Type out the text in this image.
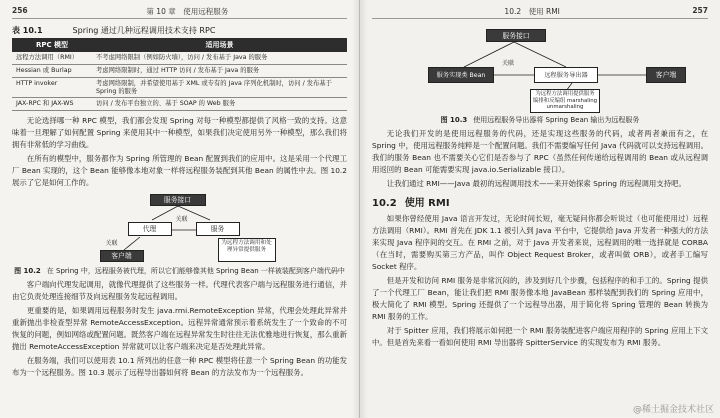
256	第 10 章　使用远程服务
表 10.1	Spring 通过几种远程调用技术支持 RPC
RPC 模型	适用场景
远程方法调用（RMI）	不考虑网络限制（例如防火墙），访问 / 发布基于 Java 的服务
Hessian 或 Burlap	考虑网络限制时，通过 HTTP 访问 / 发布基于 Java 的服务
HTTP invoker	考虑网络限制，并希望使用基于 XML 或专有的 Java 序列化机制时，访问 / 发布基于 Spring 的服务
JAX-RPC 和 JAX-WS	访问 / 发布平台独立的、基于 SOAP 的 Web 服务

无论选择哪一种 RPC 模型，我们都会发现 Spring 对每一种模型都提供了风格一致的支持。这意味着一旦理解了如何配置 Spring 来使用其中一种模型，如果我们决定使用另外一种模型，那么我们将拥有非常低的学习曲线。

在所有的模型中，服务都作为 Spring 所管理的 Bean 配置到我们的应用中。这是采用一个代理工厂 Bean 实现的，这个 Bean 能够像本地对象一样将远程服务装配到其他 Bean 的属性中去。图 10.2 展示了它是如何工作的。

服务接口
代理	服务
关联
客户端
关联	为远程方法调用和处理异常提供服务
图 10.2 在 Spring 中，远程服务被代理，所以它们能够像其他 Spring Bean 一样被装配到客户端代码中

客户端向代理发起调用，就像代理提供了这些服务一样。代理代表客户端与远程服务进行通信，并由它负责处理连接细节及向远程服务发起远程调用。

更重要的是，如果调用远程服务时发生 java.rmi.RemoteException 异常，代理会处理此异常并重新抛出非检查型异常 RemoteAccessException。远程异常通常预示着系统发生了一个致命的不可恢复的问题，例如网络或配置问题。既然客户端在远程异常发生时往往无法优雅地进行恢复，那么重新抛出 RemoteAccessException 异常就可以让客户端来决定是否处理此异常。

在服务端，我们可以使用表 10.1 所列出的任意一种 RPC 模型将任意一个 Spring Bean 的功能发布为一个远程服务。图 10.3 展示了远程导出器如何将 Bean 的方法发布为一个远程服务。

10.2　使用 RMI	257
服务接口
服务实现类 Bean
关联
远程服务导出器	客户端
为远程方法调用提供服务
编排和反编组 marshaling unmarshaling
图 10.3 使用远程服务导出器将 Spring Bean 输出为远程服务

无论我们开发的是使用远程服务的代码，还是实现这些服务的代码，或者两者兼而有之，在 Spring 中，使用远程服务纯粹是一个配置问题。我们不需要编写任何 Java 代码就可以支持远程调用。我们的服务 Bean 也不需要关心它们是否参与了 RPC（虽然任何传递给远程调用的 Bean 或从远程调用返回的 Bean 可能需要实现 java.io.Serializable 接口）。

让我们通过 RMI——Java 最初的远程调用技术——来开始探索 Spring 的远程调用支持吧。

10.2 使用 RMI

如果你曾经使用 Java 语言开发过，无论时间长短，毫无疑问你都会听说过（也可能使用过）远程方法调用（RMI）。RMI 首先在 JDK 1.1 被引入到 Java 平台中，它提供给 Java 开发者一种强大的方法来实现 Java 程序间的交互。在 RMI 之前，对于 Java 开发者来说，远程调用的唯一选择就是 CORBA（在当时，需要购买第三方产品，叫作 Object Request Broker，或者叫做 ORB），或者手工编写 Socket 程序。

但是开发和访问 RMI 服务是非常沉闷的，涉及到好几个步骤，包括程序的和手工的。Spring 提供了一个代理工厂 Bean，能让我们把 RMI 服务像本地 JavaBean 那样装配到我们的 Spring 应用中，极大简化了 RMI 模型。Spring 还提供了一个远程导出器，用于简化将 Spring 管理的 Bean 转换为 RMI 服务的工作。

对于 Spitter 应用，我们将展示如何把一个 RMI 服务装配进客户端应用程序的 Spring 应用上下文中。但是首先来看一看如何使用 RMI 导出器将 SpitterService 的实现发布为 RMI 服务。

@稀土掘金技术社区
